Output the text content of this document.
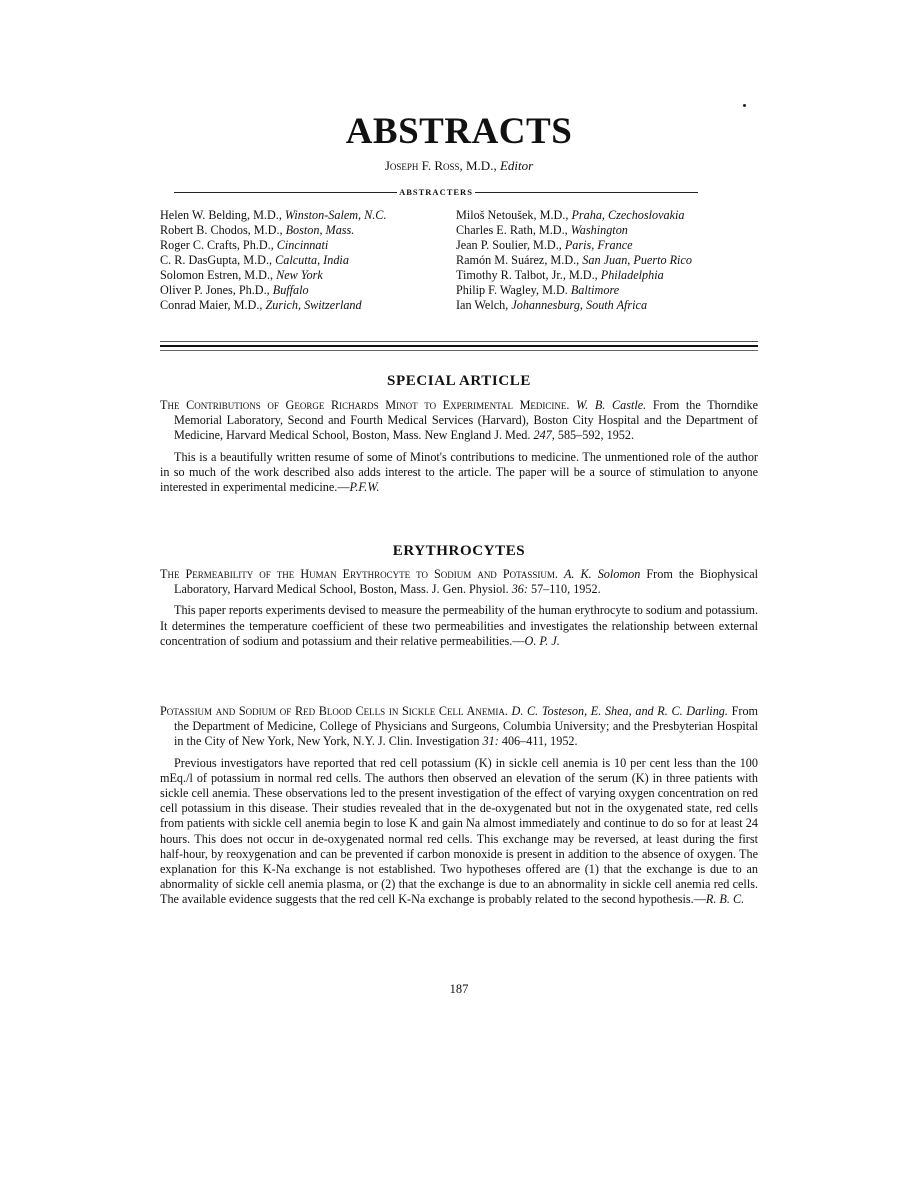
ABSTRACTS
Joseph F. Ross, M.D., Editor
ABSTRACTERS
Helen W. Belding, M.D., Winston-Salem, N.C.
Robert B. Chodos, M.D., Boston, Mass.
Roger C. Crafts, Ph.D., Cincinnati
C. R. DasGupta, M.D., Calcutta, India
Solomon Estren, M.D., New York
Oliver P. Jones, Ph.D., Buffalo
Conrad Maier, M.D., Zurich, Switzerland
Miloš Netoušek, M.D., Praha, Czechoslovakia
Charles E. Rath, M.D., Washington
Jean P. Soulier, M.D., Paris, France
Ramón M. Suárez, M.D., San Juan, Puerto Rico
Timothy R. Talbot, Jr., M.D., Philadelphia
Philip F. Wagley, M.D. Baltimore
Ian Welch, Johannesburg, South Africa
SPECIAL ARTICLE
The Contributions of George Richards Minot to Experimental Medicine. W. B. Castle. From the Thorndike Memorial Laboratory, Second and Fourth Medical Services (Harvard), Boston City Hospital and the Department of Medicine, Harvard Medical School, Boston, Mass. New England J. Med. 247, 585–592, 1952.
This is a beautifully written resume of some of Minot's contributions to medicine. The unmentioned role of the author in so much of the work described also adds interest to the article. The paper will be a source of stimulation to anyone interested in experimental medicine.—P.F.W.
ERYTHROCYTES
The Permeability of the Human Erythrocyte to Sodium and Potassium. A. K. Solomon From the Biophysical Laboratory, Harvard Medical School, Boston, Mass. J. Gen. Physiol. 36: 57–110, 1952.
This paper reports experiments devised to measure the permeability of the human erythrocyte to sodium and potassium. It determines the temperature coefficient of these two permeabilities and investigates the relationship between external concentration of sodium and potassium and their relative permeabilities.—O. P. J.
Potassium and Sodium of Red Blood Cells in Sickle Cell Anemia. D. C. Tosteson, E. Shea, and R. C. Darling. From the Department of Medicine, College of Physicians and Surgeons, Columbia University; and the Presbyterian Hospital in the City of New York, New York, N.Y. J. Clin. Investigation 31: 406–411, 1952.
Previous investigators have reported that red cell potassium (K) in sickle cell anemia is 10 per cent less than the 100 mEq./l of potassium in normal red cells. The authors then observed an elevation of the serum (K) in three patients with sickle cell anemia. These observations led to the present investigation of the effect of varying oxygen concentration on red cell potassium in this disease. Their studies revealed that in the de-oxygenated but not in the oxygenated state, red cells from patients with sickle cell anemia begin to lose K and gain Na almost immediately and continue to do so for at least 24 hours. This does not occur in de-oxygenated normal red cells. This exchange may be reversed, at least during the first half-hour, by reoxygenation and can be prevented if carbon monoxide is present in addition to the absence of oxygen. The explanation for this K-Na exchange is not established. Two hypotheses offered are (1) that the exchange is due to an abnormality of sickle cell anemia plasma, or (2) that the exchange is due to an abnormality in sickle cell anemia red cells. The available evidence suggests that the red cell K-Na exchange is probably related to the second hypothesis.—R. B. C.
187
